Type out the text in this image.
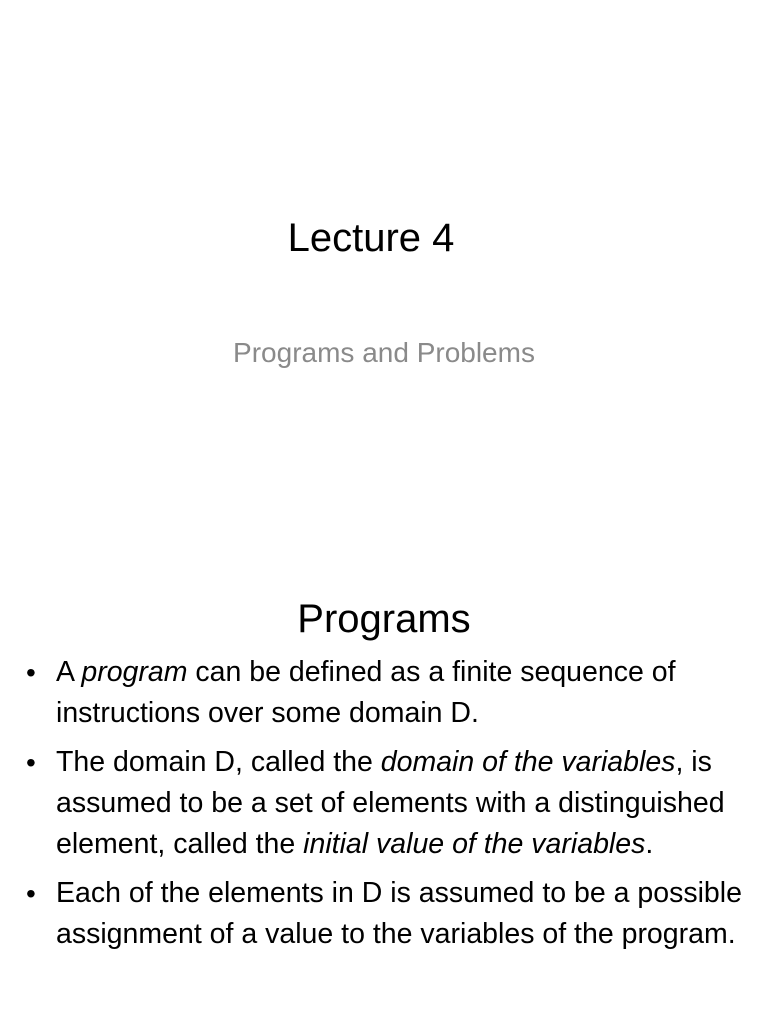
Lecture 4
Programs and Problems
Programs
• A program can be defined as a finite sequence of instructions over some domain D.
• The domain D, called the domain of the variables, is assumed to be a set of elements with a distinguished element, called the initial value of the variables.
• Each of the elements in D is assumed to be a possible assignment of a value to the variables of the program.
